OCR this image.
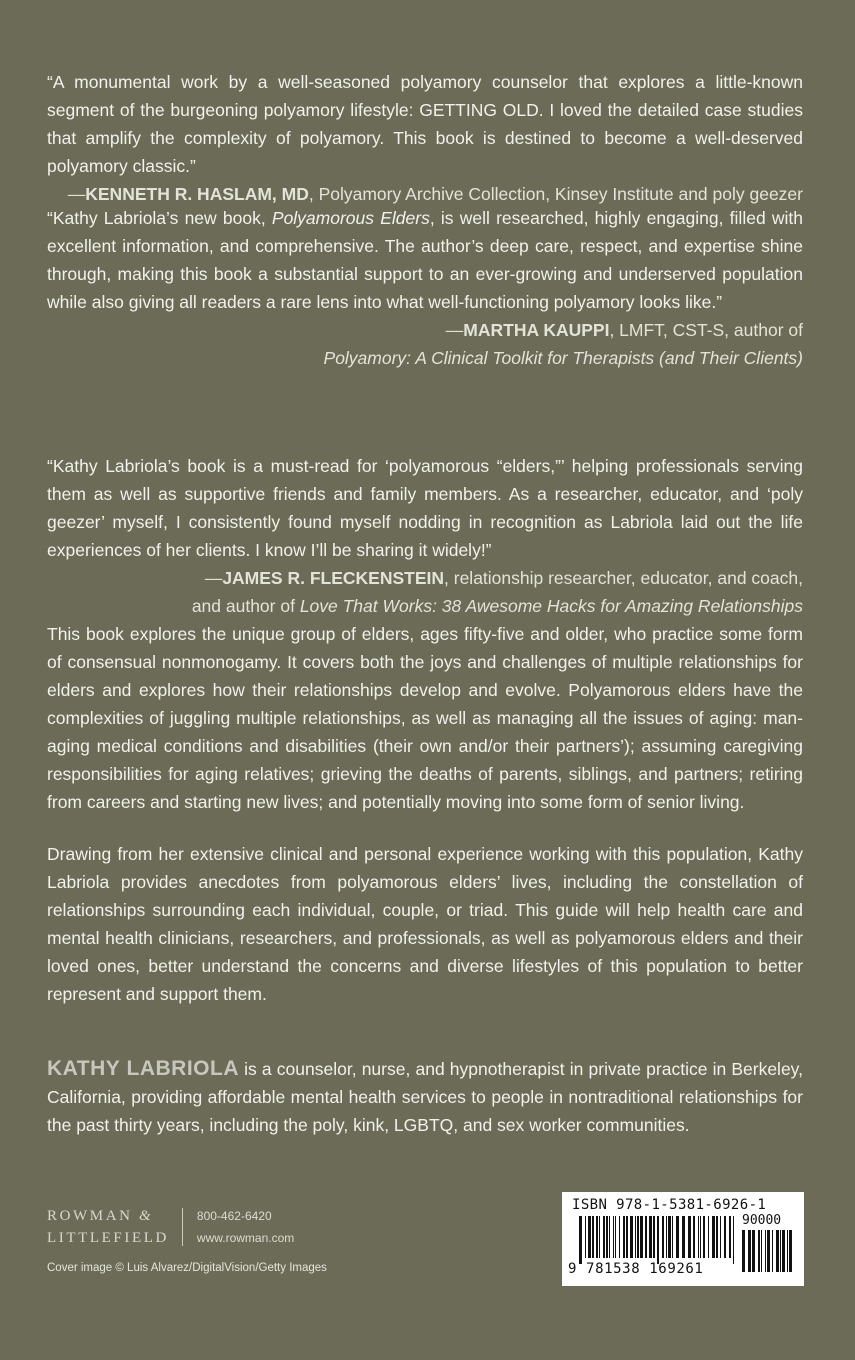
“A monumental work by a well-seasoned polyamory counselor that explores a little-known segment of the burgeoning polyamory lifestyle: GETTING OLD. I loved the detailed case studies that amplify the complexity of polyamory. This book is destined to become a well-deserved polyamory classic.”

—KENNETH R. HASLAM, MD, Polyamory Archive Collection, Kinsey Institute and poly geezer

“Kathy Labriola’s new book, Polyamorous Elders, is well researched, highly engaging, filled with excellent information, and comprehensive. The author’s deep care, respect, and expertise shine through, making this book a substantial support to an ever-growing and underserved population while also giving all readers a rare lens into what well-functioning polyamory looks like.”

—MARTHA KAUPPI, LMFT, CST-S, author of

Polyamory: A Clinical Toolkit for Therapists (and Their Clients)

“Kathy Labriola’s book is a must-read for ‘polyamorous “elders,”’ helping professionals serving them as well as supportive friends and family members. As a researcher, educator, and ‘poly geezer’ myself, I consistently found myself nodding in recognition as Labriola laid out the life experiences of her clients. I know I’ll be sharing it widely!”

—JAMES R. FLECKENSTEIN, relationship researcher, educator, and coach,

and author of Love That Works: 38 Awesome Hacks for Amazing Relationships

This book explores the unique group of elders, ages fifty-five and older, who practice some form of consensual nonmonogamy. It covers both the joys and challenges of multiple relationships for elders and explores how their relationships develop and evolve. Polyamorous elders have the complexities of juggling multiple relationships, as well as managing all the issues of aging: managing medical conditions and disabilities (their own and/or their partners’); assuming caregiving responsibilities for aging relatives; grieving the deaths of parents, siblings, and partners; retiring from careers and starting new lives; and potentially moving into some form of senior living.

Drawing from her extensive clinical and personal experience working with this population, Kathy Labriola provides anecdotes from polyamorous elders’ lives, including the constellation of relationships surrounding each individual, couple, or triad. This guide will help health care and mental health clinicians, researchers, and professionals, as well as polyamorous elders and their loved ones, better understand the concerns and diverse lifestyles of this population to better represent and support them.

KATHY LABRIOLA is a counselor, nurse, and hypnotherapist in private practice in Berkeley, California, providing affordable mental health services to people in nontraditional relationships for the past thirty years, including the poly, kink, LGBTQ, and sex worker communities.

ROWMAN &
LITTLEFIELD
800-462-6420
www.rowman.com
Cover image © Luis Alvarez/DigitalVision/Getty Images
ISBN 978-1-5381-6926-1
90000
9 781538 169261
